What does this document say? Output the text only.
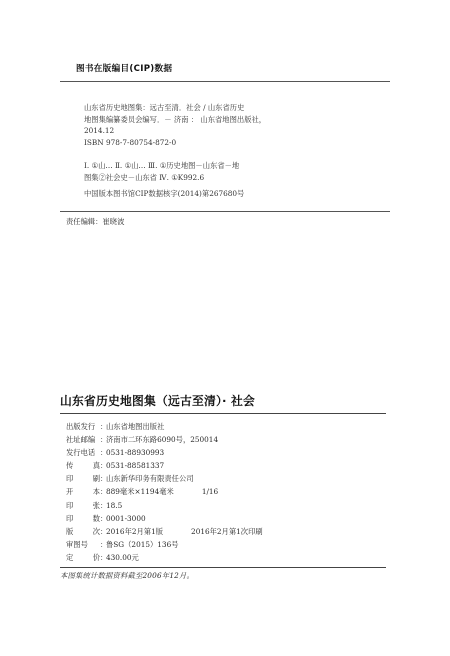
图书在版编目(CIP)数据
山东省历史地图集：远古至清．社会 / 山东省历史
地图集编纂委员会编写．－ 济南 ： 山东省地图出版社，
2014.12
ISBN 978-7-80754-872-0
Ⅰ. ①山… Ⅱ. ①山… Ⅲ. ①历史地图－山东省－地
图集②社会史－山东省 Ⅳ. ①K992.6
中国版本图书馆CIP数据核字(2014)第267680号
责任编辑：崔晓波
山东省历史地图集（远古至清）· 社会
出版发行 ：
山东省地图出版社
社址邮编 ：
济南市二环东路6090号，250014
发行电话 ：
0531-88930993
传	真 ：
0531-88581337
印	刷 ：
山东新华印务有限责任公司
开	本 ：
889毫米×1194毫米	1/16
印	张 ：
18.5
印	数 ：
0001-3000
版	次 ：
2016年2月第1版	2016年2月第1次印刷
审图号	：
鲁SG（2015）136号
定	价 ：
430.00元
本图集统计数据资料截至2006年12月。
